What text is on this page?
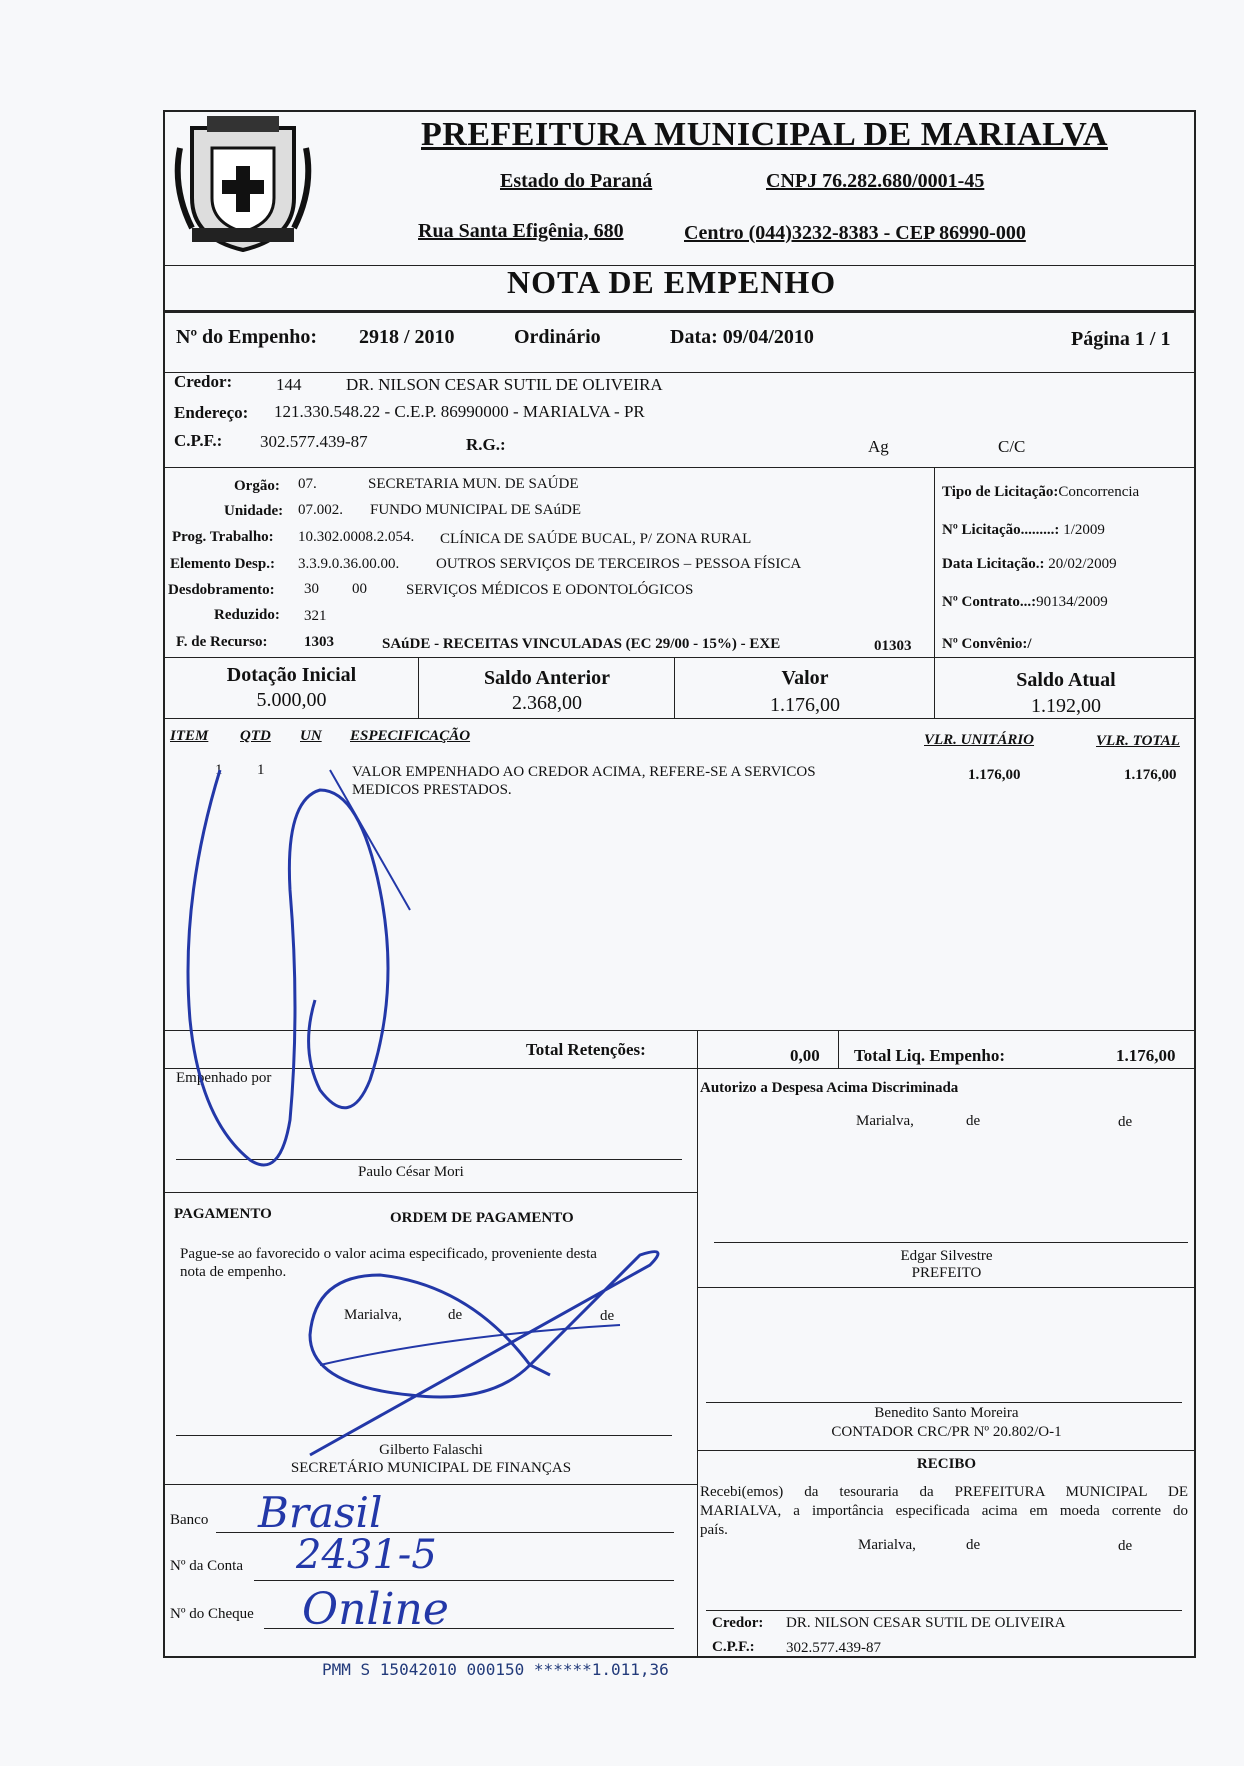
PREFEITURA MUNICIPAL DE MARIALVA
Estado do Paraná	CNPJ 76.282.680/0001-45
Rua Santa Efigênia, 680	Centro (044)3232-8383 - CEP 86990-000
NOTA DE EMPENHO
Nº do Empenho: 2918 / 2010	Ordinário	Data: 09/04/2010	Página 1 / 1
Credor:	144	DR. NILSON CESAR SUTIL DE OLIVEIRA
Endereço: 121.330.548.22 - C.E.P. 86990000 - MARIALVA - PR
C.P.F.: 302.577.439-87	R.G.:	Ag	C/C
Orgão: 07.	SECRETARIA MUN. DE SAÚDE
Unidade: 07.002. FUNDO MUNICIPAL DE SAúDE
Prog. Trabalho: 10.302.0008.2.054. CLÍNICA DE SAÚDE BUCAL, P/ ZONA RURAL
Elemento Desp.: 3.3.9.0.36.00.00. OUTROS SERVIÇOS DE TERCEIROS – PESSOA FÍSICA
Desdobramento: 30 00	SERVIÇOS MÉDICOS E ODONTOLÓGICOS
Reduzido: 321
F. de Recurso: 1303	SAúDE - RECEITAS VINCULADAS (EC 29/00 - 15%) - EXE	01303
Tipo de Licitação:Concorrencia
Nº Licitação.........: 1/2009
Data Licitação.: 20/02/2009
Nº Contrato...:90134/2009
Nº Convênio:/
Dotação Inicial
5.000,00
Saldo Anterior
2.368,00
Valor
1.176,00
Saldo Atual
1.192,00
ITEM QTD UN ESPECIFICAÇÃO	VLR. UNITÁRIO	VLR. TOTAL
1 1	VALOR EMPENHADO AO CREDOR ACIMA, REFERE-SE A SERVICOS
MEDICOS PRESTADOS.
1.176,00	1.176,00
Total Retenções:	0,00 Total Liq. Empenho:	1.176,00
Empenhado por
Paulo César Mori
Autorizo a Despesa Acima Discriminada
Marialva,	de	de
Edgar Silvestre
PREFEITO
Benedito Santo Moreira
CONTADOR CRC/PR Nº 20.802/O-1
PAGAMENTO	ORDEM DE PAGAMENTO
Pague-se ao favorecido o valor acima especificado, proveniente desta
nota de empenho.
Marialva,	de	de
Gilberto Falaschi
SECRETÁRIO MUNICIPAL DE FINANÇAS
Banco Brasil
Nº da Conta 2431-5
Nº do Cheque Online
RECIBO
Recebi(emos) da tesouraria da PREFEITURA MUNICIPAL DE
MARIALVA, a importância especificada acima em moeda corrente do
país.
Marialva,	de	de
Credor: DR. NILSON CESAR SUTIL DE OLIVEIRA
C.P.F.: 302.577.439-87
PMM S 15042010 000150 ******1.011,36
